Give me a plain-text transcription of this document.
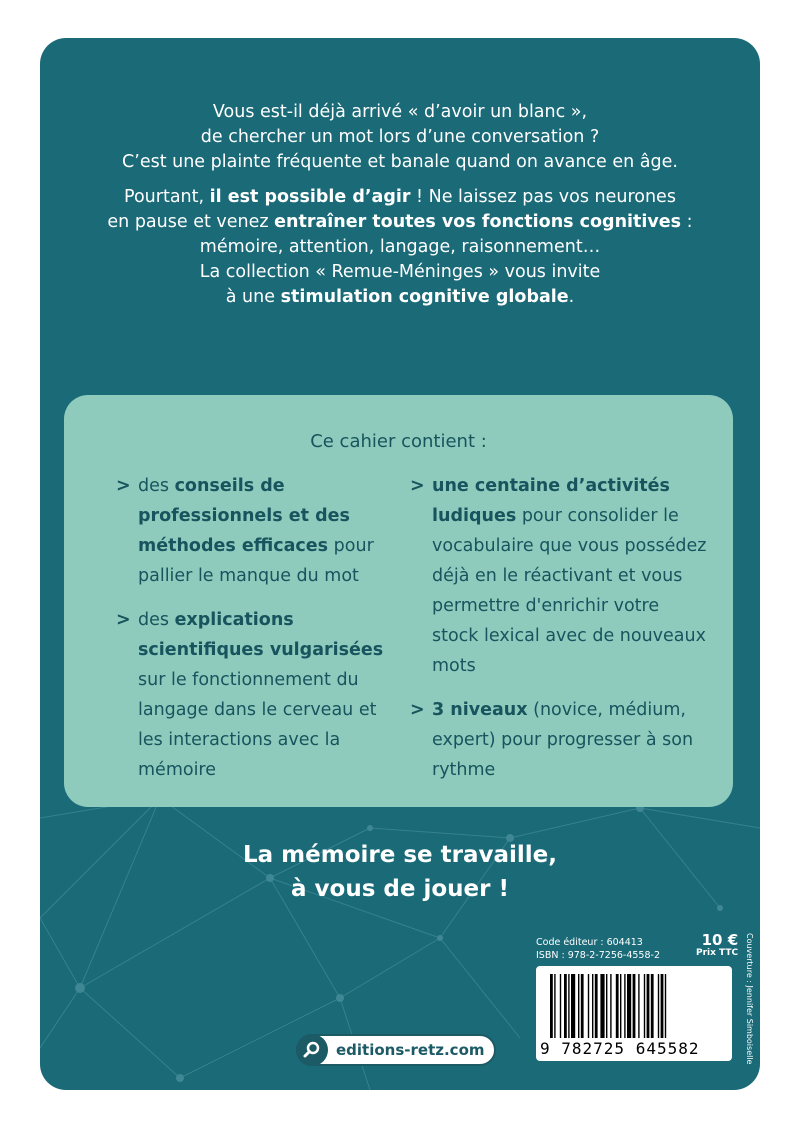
Vous est-il déjà arrivé « d’avoir un blanc »,
de chercher un mot lors d’une conversation ?
C’est une plainte fréquente et banale quand on avance en âge.

Pourtant, il est possible d’agir ! Ne laissez pas vos neurones
en pause et venez entraîner toutes vos fonctions cognitives :
mémoire, attention, langage, raisonnement…
La collection « Remue-Méninges » vous invite
à une stimulation cognitive globale.

Ce cahier contient :
> des conseils de professionnels et des méthodes efficaces pour pallier le manque du mot
> des explications scientifiques vulgarisées sur le fonctionnement du langage dans le cerveau et les interactions avec la mémoire
> une centaine d’activités ludiques pour consolider le vocabulaire que vous possédez déjà en le réactivant et vous permettre d'enrichir votre stock lexical avec de nouveaux mots
> 3 niveaux (novice, médium, expert) pour progresser à son rythme
La mémoire se travaille,
à vous de jouer !
Code éditeur : 604413
ISBN : 978-2-7256-4558-2
10 €
Prix TTC
9 782725 645582	Couverture : Jennifer Simboiselle
editions-retz.com
